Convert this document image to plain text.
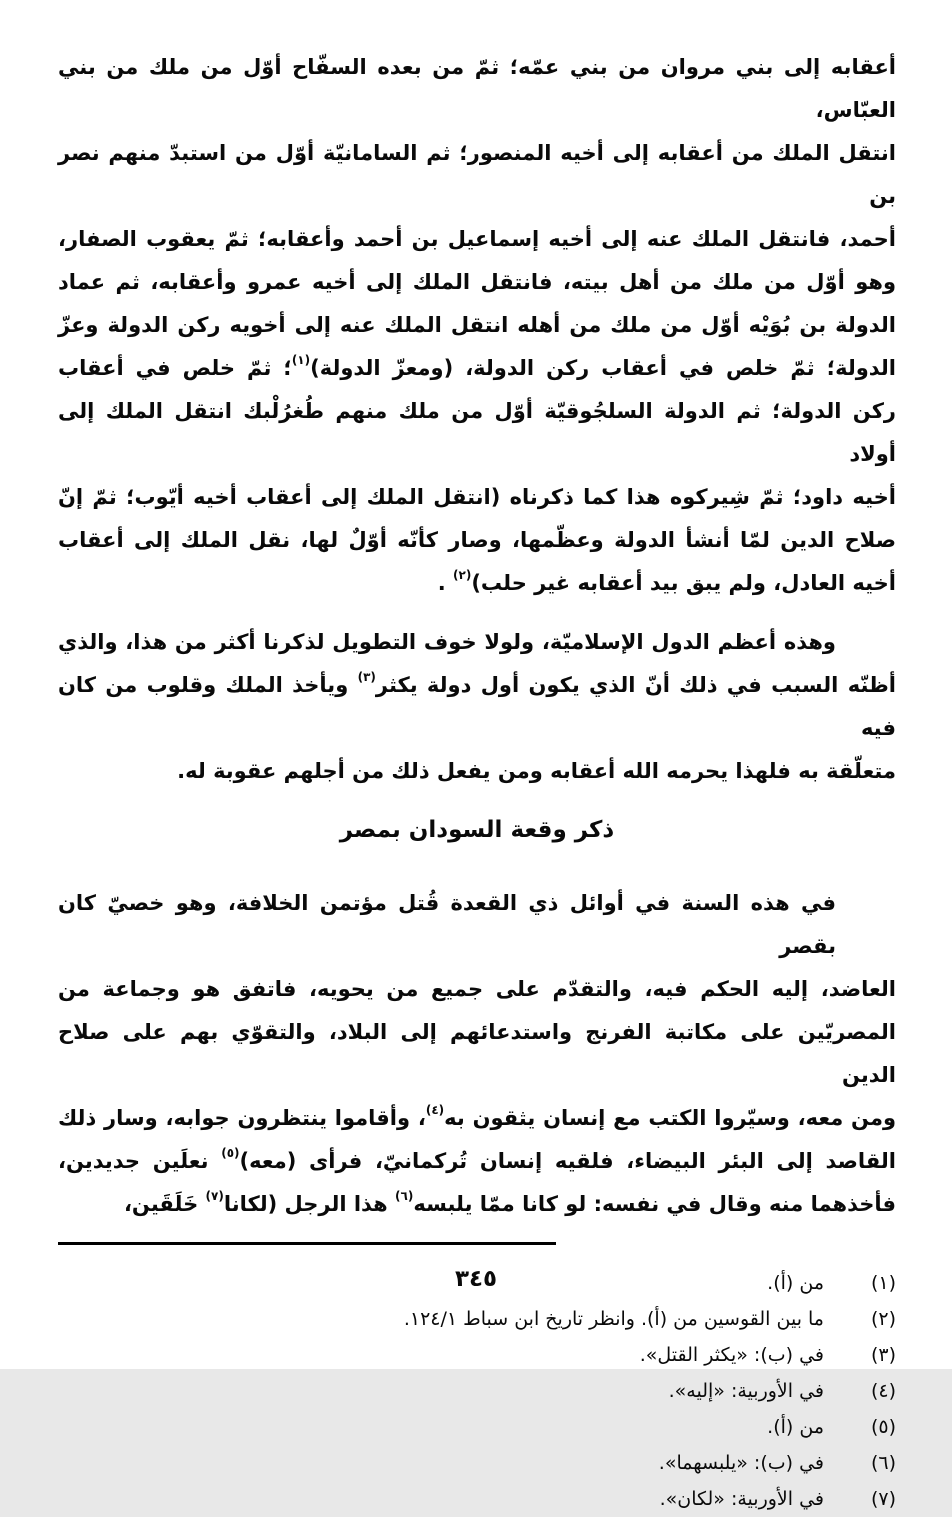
أعقابه إلى بني مروان من بني عمّه؛ ثمّ من بعده السفّاح أوّل من ملك من بني العبّاس،
انتقل الملك من أعقابه إلى أخيه المنصور؛ ثم السامانيّة أوّل من استبدّ منهم نصر بن
أحمد، فانتقل الملك عنه إلى أخيه إسماعيل بن أحمد وأعقابه؛ ثمّ يعقوب الصفار،
وهو أوّل من ملك من أهل بيته، فانتقل الملك إلى أخيه عمرو وأعقابه، ثم عماد
الدولة بن بُوَيْه أوّل من ملك من أهله انتقل الملك عنه إلى أخويه ركن الدولة وعزّ
الدولة؛ ثمّ خلص في أعقاب ركن الدولة، (ومعزّ الدولة)$^{(١)}$؛ ثمّ خلص في أعقاب
ركن الدولة؛ ثم الدولة السلجُوقيّة أوّل من ملك منهم طُغرُلْبك انتقل الملك إلى أولاد
أخيه داود؛ ثمّ شِيركوه هذا كما ذكرناه (انتقل الملك إلى أعقاب أخيه أيّوب؛ ثمّ إنّ
صلاح الدين لمّا أنشأ الدولة وعظّمها، وصار كأنّه أوّلٌ لها، نقل الملك إلى أعقاب
أخيه العادل، ولم يبق بيد أعقابه غير حلب)$^{(٢)}$ .
وهذه أعظم الدول الإسلاميّة، ولولا خوف التطويل لذكرنا أكثر من هذا، والذي
أظنّه السبب في ذلك أنّ الذي يكون أول دولة يكثر$^{(٣)}$ ويأخذ الملك وقلوب من كان فيه
متعلّقة به فلهذا يحرمه الله أعقابه ومن يفعل ذلك من أجلهم عقوبة له.
ذكر وقعة السودان بمصر
في هذه السنة في أوائل ذي القعدة قُتل مؤتمن الخلافة، وهو خصيّ كان بقصر
العاضد، إليه الحكم فيه، والتقدّم على جميع من يحويه، فاتفق هو وجماعة من
المصريّين على مكاتبة الفرنج واستدعائهم إلى البلاد، والتقوّي بهم على صلاح الدين
ومن معه، وسيّروا الكتب مع إنسان يثقون به$^{(٤)}$، وأقاموا ينتظرون جوابه، وسار ذلك
القاصد إلى البئر البيضاء، فلقيه إنسان تُركمانيّ، فرأى (معه)$^{(٥)}$ نعلَين جديدين،
فأخذهما منه وقال في نفسه: لو كانا ممّا يلبسه$^{(٦)}$ هذا الرجل (لكانا$^{(٧)}$ خَلَقَين،
(١)
من (أ).
(٢)
ما بين القوسين من (أ). وانظر تاريخ ابن سباط ١٢٤/١.
(٣)
في (ب): «يكثر القتل».
(٤)
في الأوربية: «إليه».
(٥)
من (أ).
(٦)
في (ب): «يلبسهما».
(٧)
في الأوربية: «لكان».
٣٤٥
